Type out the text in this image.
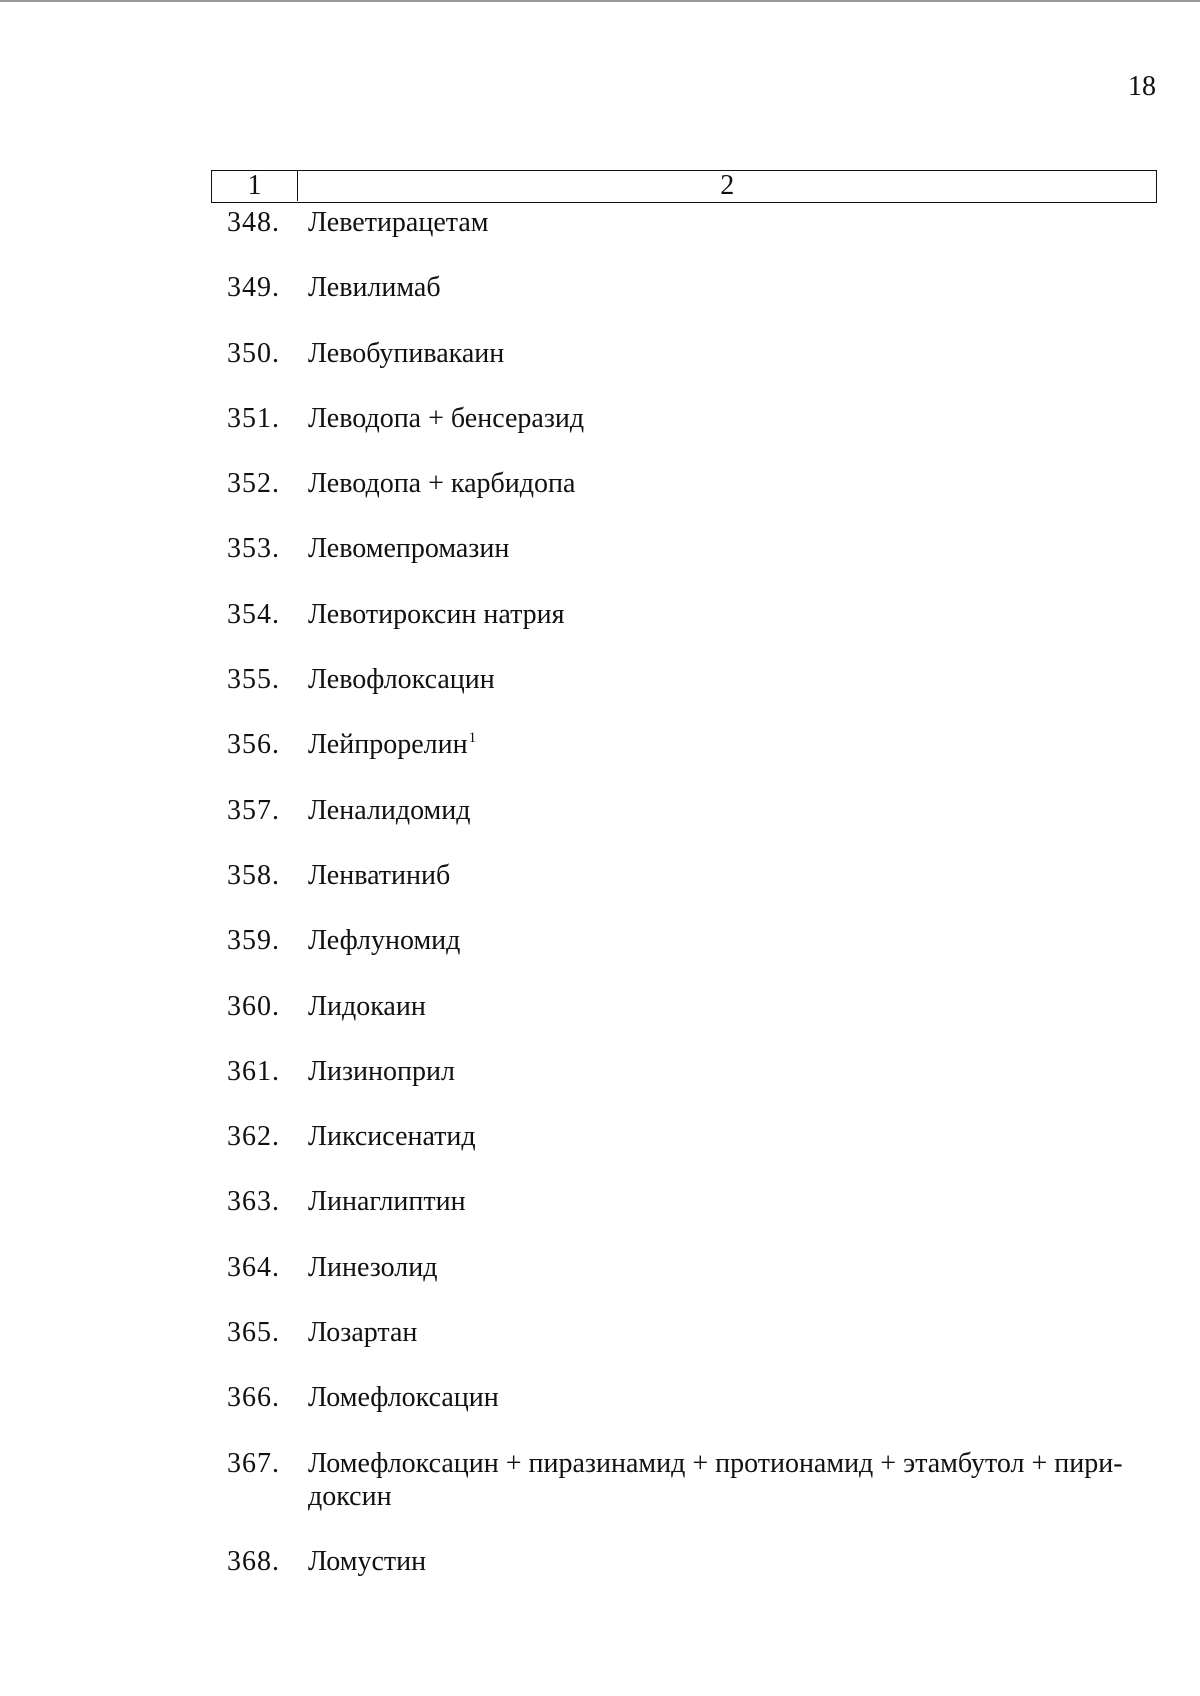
18
1	2
348. Леветирацетам
349. Левилимаб
350. Левобупивакаин
351. Леводопа + бенсеразид
352. Леводопа + карбидопа
353. Левомепромазин
354. Левотироксин натрия
355. Левофлоксацин
356. Лейпрорелин$^1$
357. Леналидомид
358. Ленватиниб
359. Лефлуномид
360. Лидокаин
361. Лизиноприл
362. Ликсисенатид
363. Линаглиптин
364. Линезолид
365. Лозартан
366. Ломефлоксацин
367. Ломефлоксацин + пиразинамид + протионамид + этамбутол + пири-
доксин
368. Ломустин
